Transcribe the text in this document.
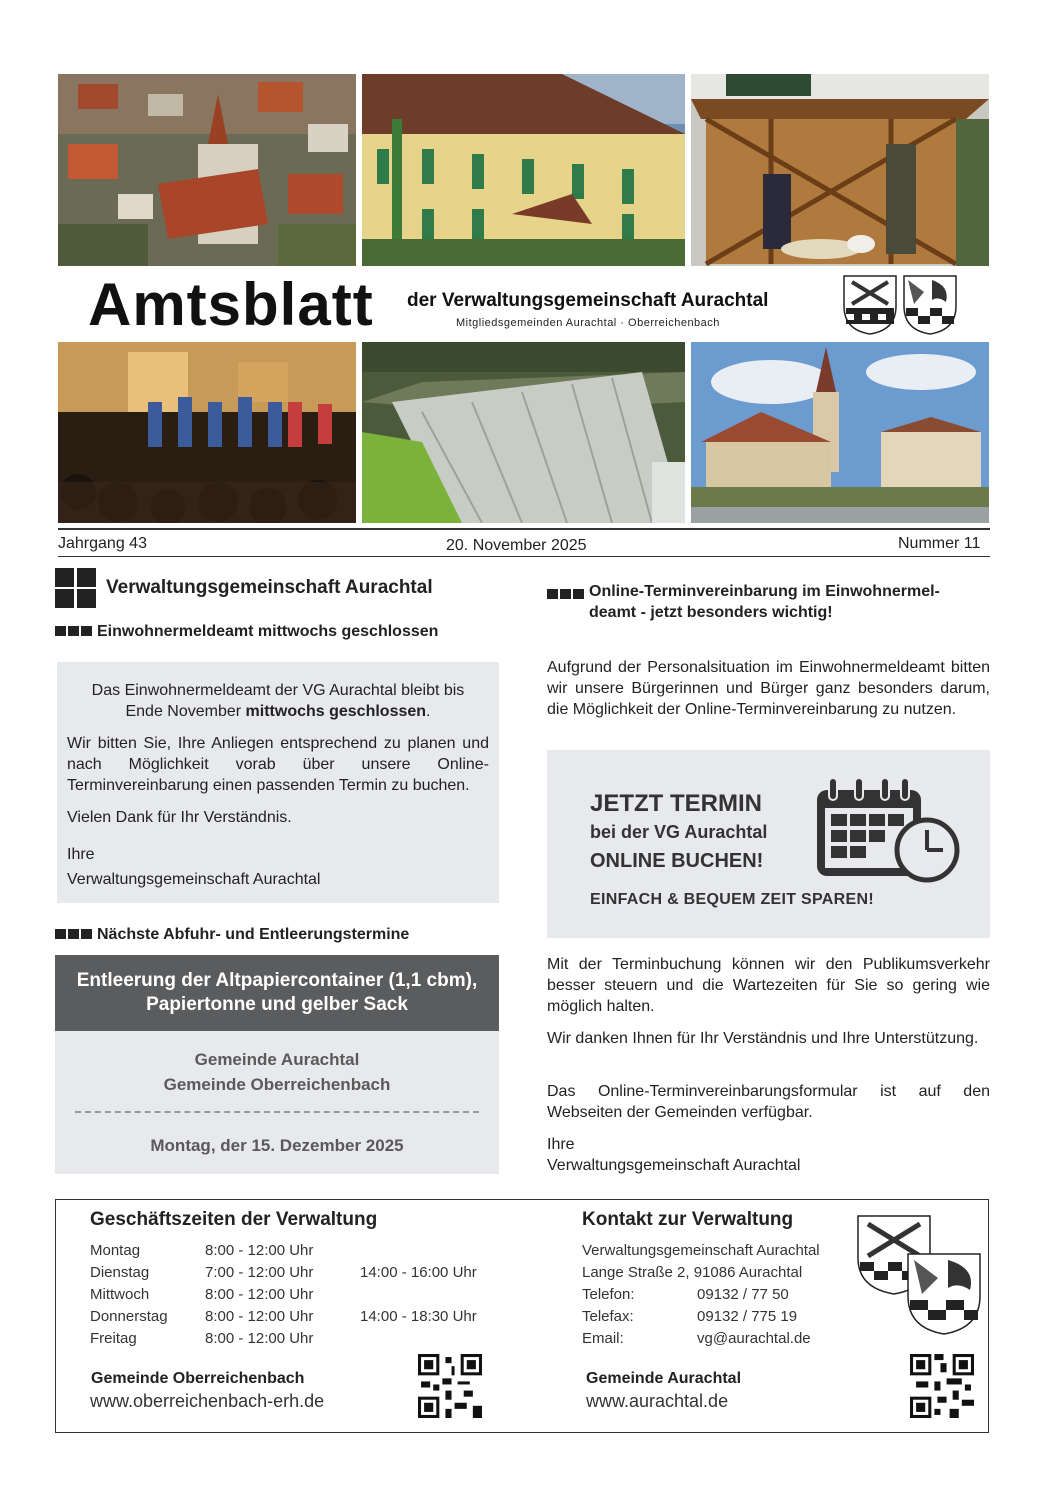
Amtsblatt der Verwaltungsgemeinschaft Aurachtal
Mitgliedsgemeinden Aurachtal · Oberreichenbach
Jahrgang 43	20. November 2025	Nummer 11
Verwaltungsgemeinschaft Aurachtal
Einwohnermeldeamt mittwochs geschlossen
Das Einwohnermeldeamt der VG Aurachtal bleibt bis
Ende November mittwochs geschlossen.
Wir bitten Sie, Ihre Anliegen entsprechend zu planen und nach Möglichkeit vorab über unsere Online-Terminvereinbarung einen passenden Termin zu buchen.
Vielen Dank für Ihr Verständnis.
Ihre
Verwaltungsgemeinschaft Aurachtal
Nächste Abfuhr- und Entleerungstermine
Entleerung der Altpapiercontainer (1,1 cbm), Papiertonne und gelber Sack
Gemeinde Aurachtal
Gemeinde Oberreichenbach
Montag, der 15. Dezember 2025
Online-Terminvereinbarung im Einwohnermel-deamt - jetzt besonders wichtig!
Aufgrund der Personalsituation im Einwohnermeldeamt bitten wir unsere Bürgerinnen und Bürger ganz besonders darum, die Möglichkeit der Online-Terminvereinbarung zu nutzen.
JETZT TERMIN
bei der VG Aurachtal
ONLINE BUCHEN!
EINFACH & BEQUEM ZEIT SPAREN!
Mit der Terminbuchung können wir den Publikumsverkehr besser steuern und die Wartezeiten für Sie so gering wie möglich halten.
Wir danken Ihnen für Ihr Verständnis und Ihre Unterstützung.
Das Online-Terminvereinbarungsformular ist auf den Webseiten der Gemeinden verfügbar.
Ihre
Verwaltungsgemeinschaft Aurachtal
Geschäftszeiten der Verwaltung
Montag	8:00 - 12:00 Uhr
Dienstag	7:00 - 12:00 Uhr	14:00 - 16:00 Uhr
Mittwoch	8:00 - 12:00 Uhr
Donnerstag	8:00 - 12:00 Uhr	14:00 - 18:30 Uhr
Freitag	8:00 - 12:00 Uhr
Kontakt zur Verwaltung
Verwaltungsgemeinschaft Aurachtal
Lange Straße 2, 91086 Aurachtal
Telefon:	09132 / 77 50
Telefax:	09132 / 775 19
Email:	vg@aurachtal.de
Gemeinde Oberreichenbach
www.oberreichenbach-erh.de
Gemeinde Aurachtal
www.aurachtal.de
